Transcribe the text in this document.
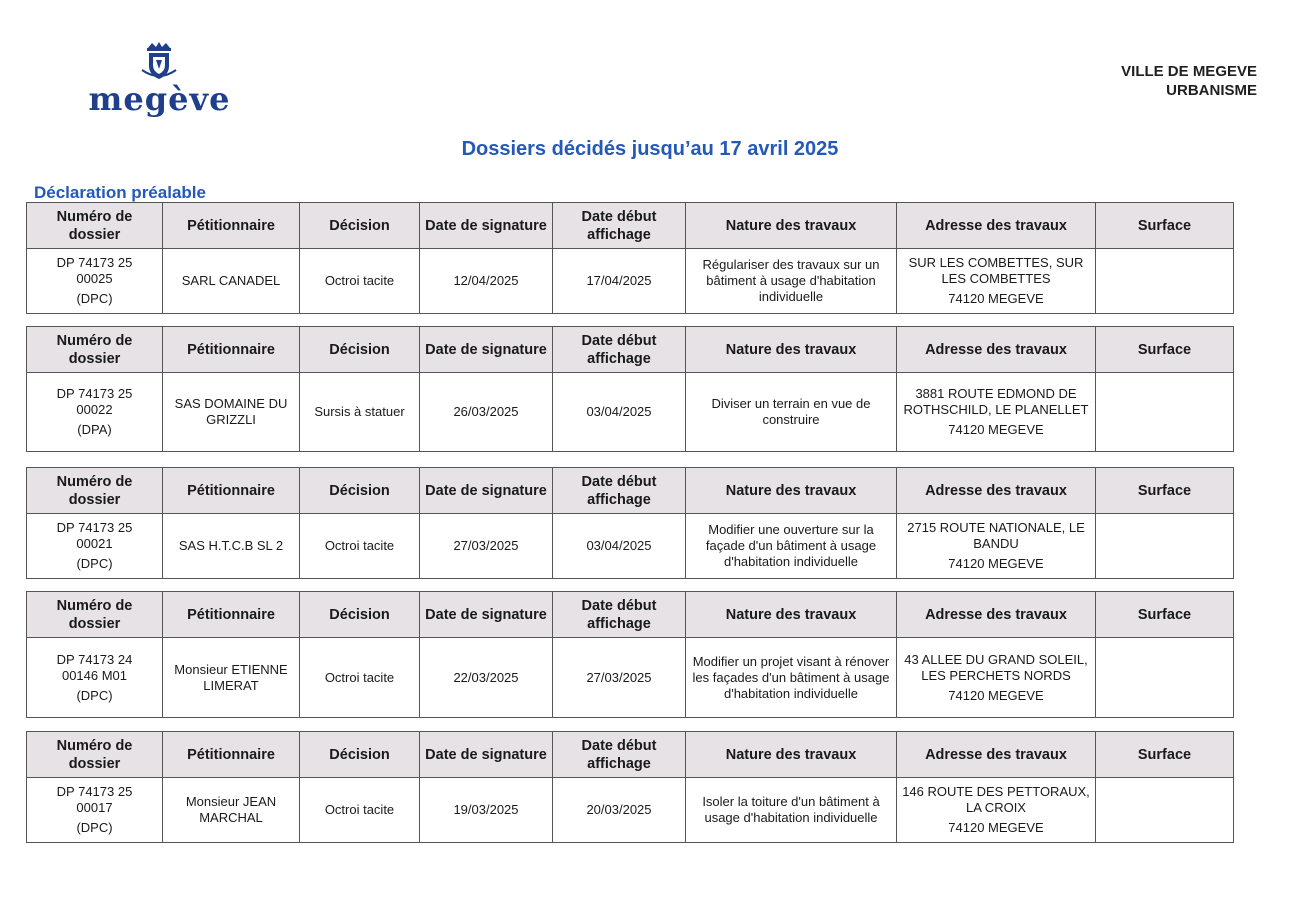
megève
VILLE DE MEGEVE
URBANISME
Dossiers décidés jusqu’au 17 avril 2025
Déclaration préalable
Numéro de dossier	Pétitionnaire	Décision	Date de signature	Date début affichage	Nature des travaux	Adresse des travaux	Surface

DP 74173 25
00025
(DPC)	SARL CANADEL	Octroi tacite	12/04/2025	17/04/2025	Régulariser des travaux sur un bâtiment à usage d'habitation individuelle	SUR LES COMBETTES, SUR LES COMBETTES
74120 MEGEVE	

Numéro de dossier	Pétitionnaire	Décision	Date de signature	Date début affichage	Nature des travaux	Adresse des travaux	Surface

DP 74173 25
00022
(DPA)	SAS DOMAINE DU GRIZZLI	Sursis à statuer	26/03/2025	03/04/2025	Diviser un terrain en vue de construire	3881 ROUTE EDMOND DE ROTHSCHILD, LE PLANELLET
74120 MEGEVE	

Numéro de dossier	Pétitionnaire	Décision	Date de signature	Date début affichage	Nature des travaux	Adresse des travaux	Surface

DP 74173 25
00021
(DPC)	SAS H.T.C.B SL 2	Octroi tacite	27/03/2025	03/04/2025	Modifier une ouverture sur la façade d'un bâtiment à usage d'habitation individuelle	2715 ROUTE NATIONALE, LE BANDU
74120 MEGEVE	

Numéro de dossier	Pétitionnaire	Décision	Date de signature	Date début affichage	Nature des travaux	Adresse des travaux	Surface

DP 74173 24
00146 M01
(DPC)	Monsieur ETIENNE LIMERAT	Octroi tacite	22/03/2025	27/03/2025	Modifier un projet visant à rénover les façades d'un bâtiment à usage d'habitation individuelle	43 ALLEE DU GRAND SOLEIL, LES PERCHETS NORDS
74120 MEGEVE	

Numéro de dossier	Pétitionnaire	Décision	Date de signature	Date début affichage	Nature des travaux	Adresse des travaux	Surface

DP 74173 25
00017
(DPC)	Monsieur JEAN MARCHAL	Octroi tacite	19/03/2025	20/03/2025	Isoler la toiture d'un bâtiment à usage d'habitation individuelle	146 ROUTE DES PETTORAUX, LA CROIX
74120 MEGEVE	
